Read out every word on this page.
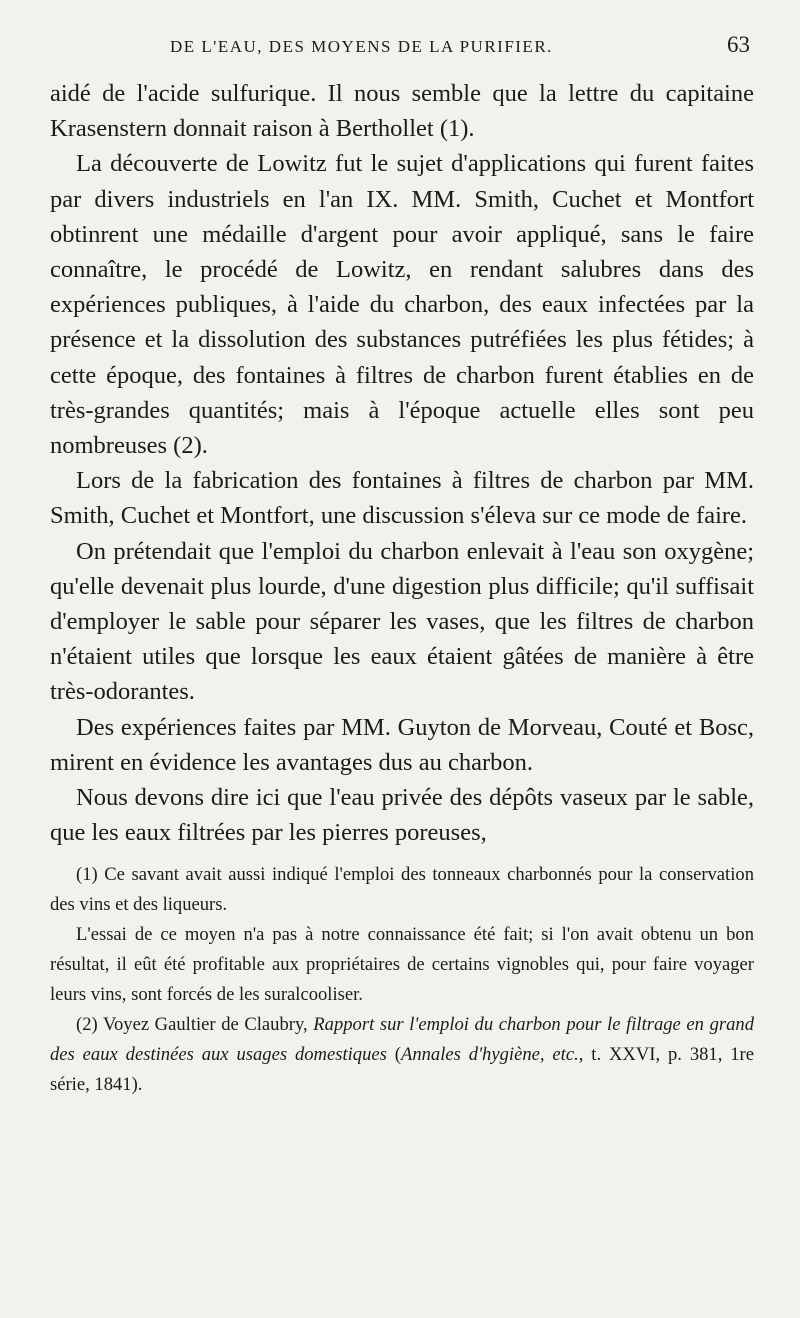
DE L'EAU, DES MOYENS DE LA PURIFIER.	63

aidé de l'acide sulfurique. Il nous semble que la lettre du capitaine Krasenstern donnait raison à Berthollet (1).

La découverte de Lowitz fut le sujet d'applications qui furent faites par divers industriels en l'an IX. MM. Smith, Cuchet et Montfort obtinrent une médaille d'argent pour avoir appliqué, sans le faire connaître, le procédé de Lowitz, en rendant salubres dans des expériences publiques, à l'aide du charbon, des eaux infectées par la présence et la dissolution des substances putréfiées les plus fétides; à cette époque, des fontaines à filtres de charbon furent établies en de très-grandes quantités; mais à l'époque actuelle elles sont peu nombreuses (2).

Lors de la fabrication des fontaines à filtres de charbon par MM. Smith, Cuchet et Montfort, une discussion s'éleva sur ce mode de faire.

On prétendait que l'emploi du charbon enlevait à l'eau son oxygène; qu'elle devenait plus lourde, d'une digestion plus difficile; qu'il suffisait d'employer le sable pour séparer les vases, que les filtres de charbon n'étaient utiles que lorsque les eaux étaient gâtées de manière à être très-odorantes.

Des expériences faites par MM. Guyton de Morveau, Couté et Bosc, mirent en évidence les avantages dus au charbon.

Nous devons dire ici que l'eau privée des dépôts vaseux par le sable, que les eaux filtrées par les pierres poreuses,

(1) Ce savant avait aussi indiqué l'emploi des tonneaux charbonnés pour la conservation des vins et des liqueurs.

L'essai de ce moyen n'a pas à notre connaissance été fait; si l'on avait obtenu un bon résultat, il eût été profitable aux propriétaires de certains vignobles qui, pour faire voyager leurs vins, sont forcés de les suralcooliser.

(2) Voyez Gaultier de Claubry, Rapport sur l'emploi du charbon pour le filtrage en grand des eaux destinées aux usages domestiques (Annales d'hygiène, etc., t. XXVI, p. 381, 1re série, 1841).
